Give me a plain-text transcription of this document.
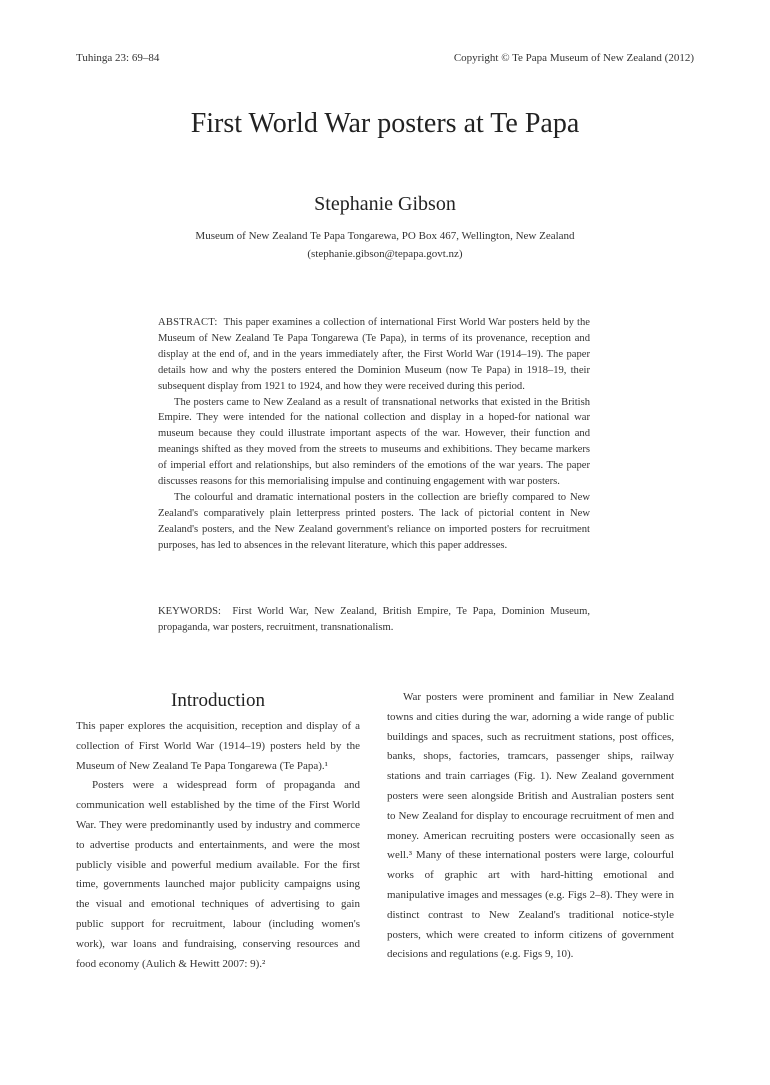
Tuhinga 23: 69–84	Copyright © Te Papa Museum of New Zealand (2012)
First World War posters at Te Papa
Stephanie Gibson
Museum of New Zealand Te Papa Tongarewa, PO Box 467, Wellington, New Zealand
(stephanie.gibson@tepapa.govt.nz)

ABSTRACT: This paper examines a collection of international First World War posters held by the Museum of New Zealand Te Papa Tongarewa (Te Papa), in terms of its provenance, reception and display at the end of, and in the years immediately after, the First World War (1914–19). The paper details how and why the posters entered the Dominion Museum (now Te Papa) in 1918–19, their subsequent display from 1921 to 1924, and how they were received during this period.

The posters came to New Zealand as a result of transnational networks that existed in the British Empire. They were intended for the national collection and display in a hoped-for national war museum because they could illustrate important aspects of the war. However, their function and meanings shifted as they moved from the streets to museums and exhibitions. They became markers of imperial effort and relationships, but also reminders of the emotions of the war years. The paper discusses reasons for this memorialising impulse and continuing engagement with war posters.

The colourful and dramatic international posters in the collection are briefly compared to New Zealand's comparatively plain letterpress printed posters. The lack of pictorial content in New Zealand's posters, and the New Zealand government's reliance on imported posters for recruitment purposes, has led to absences in the relevant literature, which this paper addresses.

KEYWORDS: First World War, New Zealand, British Empire, Te Papa, Dominion Museum, propaganda, war posters, recruitment, transnationalism.

Introduction

This paper explores the acquisition, reception and display of a collection of First World War (1914–19) posters held by the Museum of New Zealand Te Papa Tongarewa (Te Papa).¹

Posters were a widespread form of propaganda and communication well established by the time of the First World War. They were predominantly used by industry and commerce to advertise products and entertainments, and were the most publicly visible and powerful medium available. For the first time, governments launched major publicity campaigns using the visual and emotional techniques of advertising to gain public support for recruitment, labour (including women's work), war loans and fundraising, conserving resources and food economy (Aulich & Hewitt 2007: 9).²

War posters were prominent and familiar in New Zealand towns and cities during the war, adorning a wide range of public buildings and spaces, such as recruitment stations, post offices, banks, shops, factories, tramcars, passenger ships, railway stations and train carriages (Fig. 1). New Zealand government posters were seen alongside British and Australian posters sent to New Zealand for display to encourage recruitment of men and money. American recruiting posters were occasionally seen as well.³ Many of these international posters were large, colourful works of graphic art with hard-hitting emotional and manipulative images and messages (e.g. Figs 2–8). They were in distinct contrast to New Zealand's traditional notice-style posters, which were created to inform citizens of government decisions and regulations (e.g. Figs 9, 10).
